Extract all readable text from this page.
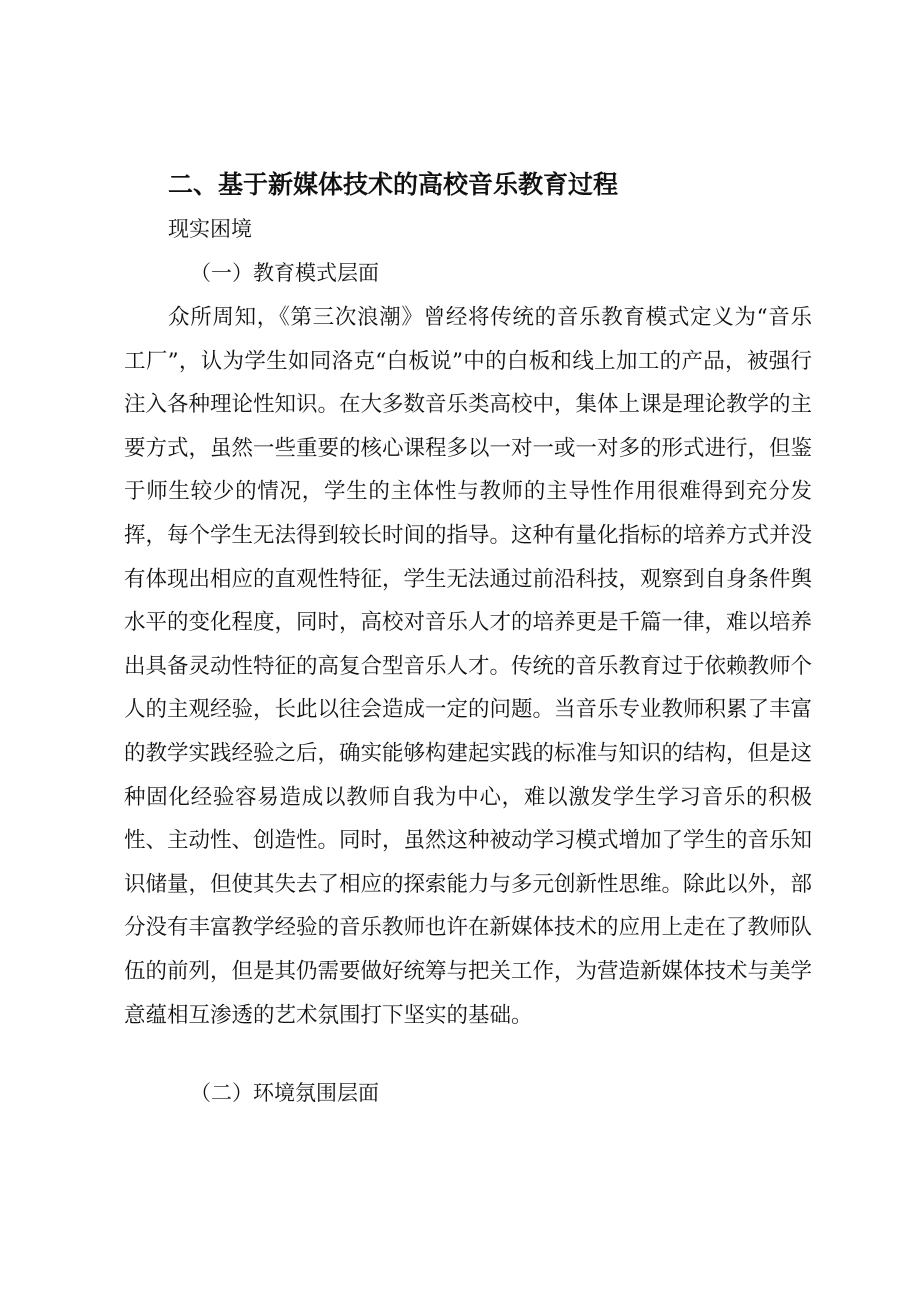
二、基于新媒体技术的高校音乐教育过程
现实困境
（一）教育模式层面

众所周知，《第三次浪潮》曾经将传统的音乐教育模式定义为“音乐工厂”，认为学生如同洛克“白板说”中的白板和线上加工的产品，被强行注入各种理论性知识。在大多数音乐类高校中，集体上课是理论教学的主要方式，虽然一些重要的核心课程多以一对一或一对多的形式进行，但鉴于师生较少的情况，学生的主体性与教师的主导性作用很难得到充分发挥，每个学生无法得到较长时间的指导。这种有量化指标的培养方式并没有体现出相应的直观性特征，学生无法通过前沿科技，观察到自身条件舆水平的变化程度，同时，高校对音乐人才的培养更是千篇一律，难以培养出具备灵动性特征的高复合型音乐人才。传统的音乐教育过于依赖教师个人的主观经验，长此以往会造成一定的问题。当音乐专业教师积累了丰富的教学实践经验之后，确实能够构建起实践的标准与知识的结构，但是这种固化经验容易造成以教师自我为中心，难以激发学生学习音乐的积极性、主动性、创造性。同时，虽然这种被动学习模式增加了学生的音乐知识储量，但使其失去了相应的探索能力与多元创新性思维。除此以外，部分没有丰富教学经验的音乐教师也许在新媒体技术的应用上走在了教师队伍的前列，但是其仍需要做好统筹与把关工作，为营造新媒体技术与美学意蕴相互渗透的艺术氛围打下坚实的基础。

（二）环境氛围层面
